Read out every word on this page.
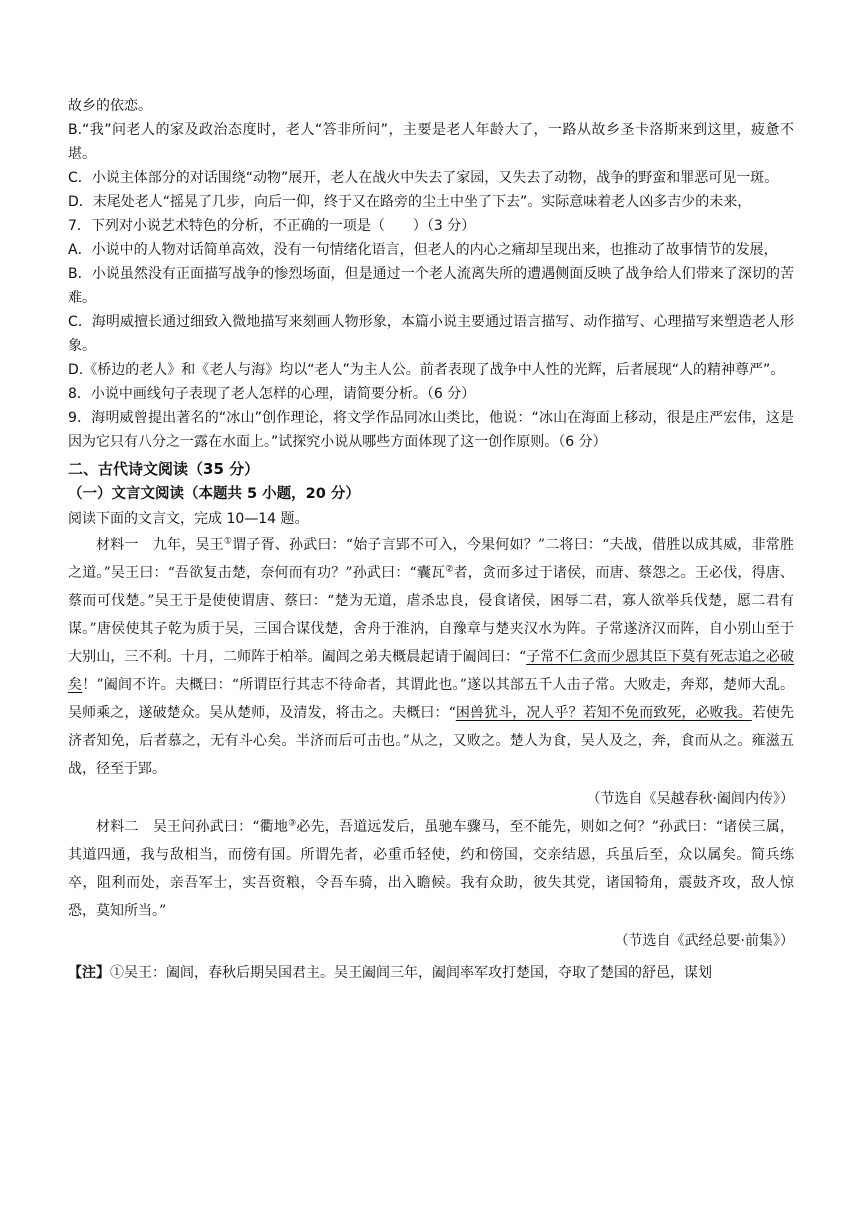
故乡的依恋。

B.“我”问老人的家及政治态度时，老人“答非所问”，主要是老人年龄大了，一路从故乡圣卡洛斯来到这里，疲惫不堪。

C．小说主体部分的对话围绕“动物”展开，老人在战火中失去了家园，又失去了动物，战争的野蛮和罪恶可见一斑。

D．末尾处老人“摇晃了几步，向后一仰，终于又在路旁的尘土中坐了下去”。实际意味着老人凶多吉少的未来，

7．下列对小说艺术特色的分析，不正确的一项是（　　）（3 分）

A．小说中的人物对话简单高效，没有一句情绪化语言，但老人的内心之痛却呈现出来，也推动了故事情节的发展，

B．小说虽然没有正面描写战争的惨烈场面，但是通过一个老人流离失所的遭遇侧面反映了战争给人们带来了深切的苦难。

C．海明威擅长通过细致入微地描写来刻画人物形象，本篇小说主要通过语言描写、动作描写、心理描写来塑造老人形象。

D.《桥边的老人》和《老人与海》均以“老人”为主人公。前者表现了战争中人性的光辉，后者展现“人的精神尊严”。

8．小说中画线句子表现了老人怎样的心理，请简要分析。（6 分）

9．海明威曾提出著名的“冰山”创作理论，将文学作品同冰山类比，他说：“冰山在海面上移动，很是庄严宏伟，这是因为它只有八分之一露在水面上。”试探究小说从哪些方面体现了这一创作原则。（6 分）

二、古代诗文阅读（35 分）

（一）文言文阅读（本题共 5 小题，20 分）

阅读下面的文言文，完成 10—14 题。

材料一　九年，吴王①谓子胥、孙武曰：“始子言郢不可入，今果何如？”二将曰：“夫战，借胜以成其威，非常胜之道。”吴王曰：“吾欲复击楚，奈何而有功？”孙武曰：“囊瓦②者，贪而多过于诸侯，而唐、蔡怨之。王必伐，得唐、蔡而可伐楚。”吴王于是使使谓唐、蔡曰：“楚为无道，虐杀忠良，侵食诸侯，困辱二君，寡人欲举兵伐楚，愿二君有谋。”唐侯使其子乾为质于吴，三国合谋伐楚，舍舟于淮汭，自豫章与楚夹汉水为阵。子常遂济汉而阵，自小别山至于大别山，三不利。十月，二师阵于柏举。阖闾之弟夫概晨起请于阖闾曰：“子常不仁贪而少恩其臣下莫有死志追之必破矣！”阖闾不许。夫概曰：“所谓臣行其志不待命者，其谓此也。”遂以其部五千人击子常。大败走，奔郑，楚师大乱。吴师乘之，遂破楚众。吴从楚师，及清发，将击之。夫概曰：“困兽犹斗，况人乎？若知不免而致死，必败我。若使先济者知免，后者慕之，无有斗心矣。半济而后可击也。”从之，又败之。楚人为食，吴人及之，奔，食而从之。雍滋五战，径至于郢。

（节选自《吴越春秋·阖闾内传》）

材料二　吴王问孙武曰：“衢地③必先，吾道远发后，虽驰车骤马，至不能先，则如之何？”孙武曰：“诸侯三属，其道四通，我与敌相当，而傍有国。所谓先者，必重币轻使，约和傍国，交亲结恩，兵虽后至，众以属矣。简兵练卒，阻利而处，亲吾军士，实吾资粮，令吾车骑，出入瞻候。我有众助，彼失其党，诸国犄角，震鼓齐攻，敌人惊恐，莫知所当。”

（节选自《武经总要·前集》）

【注】①吴王：阖闾，春秋后期吴国君主。吴王阖闾三年，阖闾率军攻打楚国，夺取了楚国的舒邑，谋划
